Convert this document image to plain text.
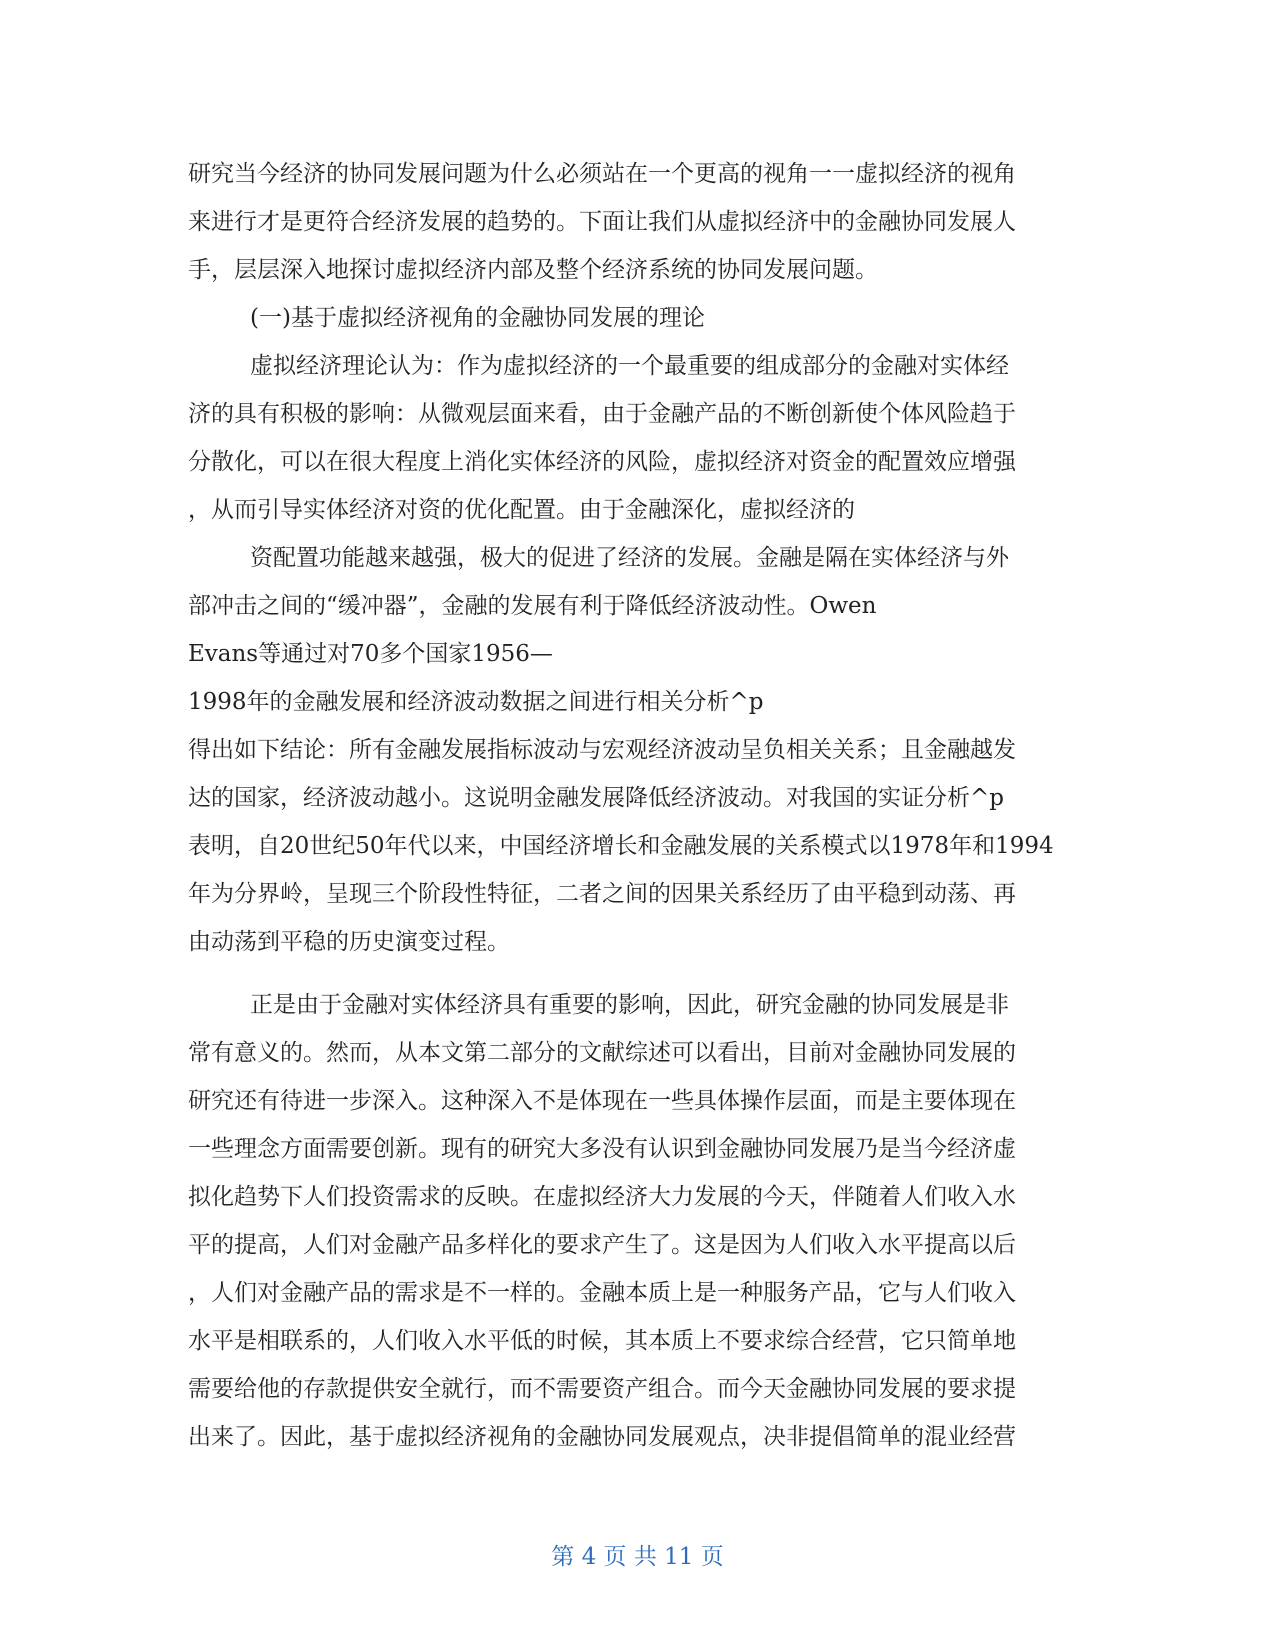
研究当今经济的协同发展问题为什么必须站在一个更高的视角一一虚拟经济的视角
来进行才是更符合经济发展的趋势的。下面让我们从虚拟经济中的金融协同发展人
手，层层深入地探讨虚拟经济内部及整个经济系统的协同发展问题。
(一)基于虚拟经济视角的金融协同发展的理论
虚拟经济理论认为：作为虚拟经济的一个最重要的组成部分的金融对实体经
济的具有积极的影响：从微观层面来看，由于金融产品的不断创新使个体风险趋于
分散化，可以在很大程度上消化实体经济的风险，虚拟经济对资金的配置效应增强
，从而引导实体经济对资的优化配置。由于金融深化，虚拟经济的
资配置功能越来越强，极大的促进了经济的发展。金融是隔在实体经济与外
部冲击之间的“缓冲器”，金融的发展有利于降低经济波动性。Owen
Evans等通过对70多个国家1956—
1998年的金融发展和经济波动数据之间进行相关分析^p
得出如下结论：所有金融发展指标波动与宏观经济波动呈负相关关系；且金融越发
达的国家，经济波动越小。这说明金融发展降低经济波动。对我国的实证分析^p
表明，自20世纪50年代以来，中国经济增长和金融发展的关系模式以1978年和1994
年为分界岭，呈现三个阶段性特征，二者之间的因果关系经历了由平稳到动荡、再
由动荡到平稳的历史演变过程。
正是由于金融对实体经济具有重要的影响，因此，研究金融的协同发展是非
常有意义的。然而，从本文第二部分的文献综述可以看出，目前对金融协同发展的
研究还有待进一步深入。这种深入不是体现在一些具体操作层面，而是主要体现在
一些理念方面需要创新。现有的研究大多没有认识到金融协同发展乃是当今经济虚
拟化趋势下人们投资需求的反映。在虚拟经济大力发展的今天，伴随着人们收入水
平的提高，人们对金融产品多样化的要求产生了。这是因为人们收入水平提高以后
，人们对金融产品的需求是不一样的。金融本质上是一种服务产品，它与人们收入
水平是相联系的，人们收入水平低的时候，其本质上不要求综合经营，它只简单地
需要给他的存款提供安全就行，而不需要资产组合。而今天金融协同发展的要求提
出来了。因此，基于虚拟经济视角的金融协同发展观点，决非提倡简单的混业经营
第 4 页 共 11 页
